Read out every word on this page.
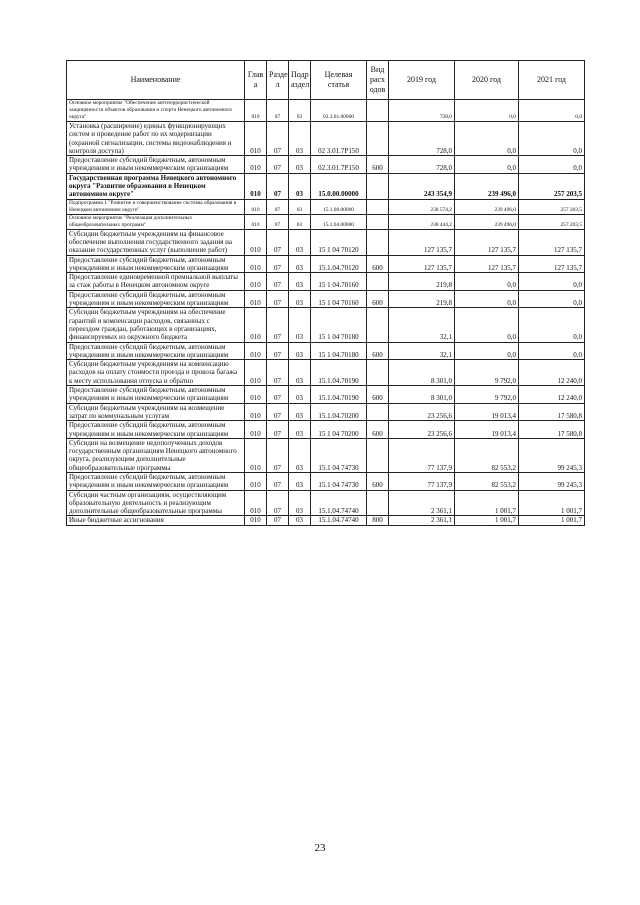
Наименование	Глав а	Разде л	Подр аздел	Целевая статья	Вид расх одов	2019 год	2020 год	2021 год
Основное мероприятие "Обеспечение антитеррористической защищенности объектов образования и спорта Ненецкого автономного округа"	010	07	03	02.3.01.00000		728,0	0,0	0,0
Установка (расширение) единых функционирующих систем и проведение работ по их модернизации (охранной сигнализации, системы видеонаблюдения и контроля доступа)	010	07	03	02 3.01.7Р150		728,0	0,0	0,0
Предоставление субсидий бюджетным, автономным учреждениям и иным некоммерческим организациям	010	07	03	02.3.01.7Р150	600	728,0	0,0	0,0
Государственная программа Ненецкого автономного округа "Развитие образования в Ненецком автономном округе"	010	07	03	15.0.00.00000		243 354,9	239 496,0	257 203,5
Подпрограмма 1 "Развитие и совершенствование системы образования в Ненецком автономном округе"	010	07	03	15.1.00.00000		238 574,2	239 496,0	257 203,5
Основное мероприятие "Реализация дополнительных общеобразовательных программ"	010	07	03	15.1.04.00000		238 444,2	239 496,0	257 203,5
Субсидии бюджетным учреждениям на финансовое обеспечение выполнения государственного задания на оказание государственных услуг (выполнение работ)	010	07	03	15 1 04 70120		127 135,7	127 135,7	127 135,7
Предоставление субсидий бюджетным, автономным учреждениям и иным некоммерческим организациям	010	07	03	15.1.04.70120	600	127 135,7	127 135,7	127 135,7
Предоставление единовременной премиальной выплаты за стаж работы в Ненецком автономном округе	010	07	03	15 1 04.70160		219,8	0,0	0,0
Предоставление субсидий бюджетным, автономным учреждениям и иным некоммерческим организациям	010	07	03	15 1 04 70160	600	219,8	0,0	0,0
Субсидии бюджетным учреждениям на обеспечение гарантий и компенсации расходов, связанных с переездом граждан, работающих в организациях, финансируемых из окружного бюджета	010	07	03	15 1 04 70180		32,1	0,0	0,0
Предоставление субсидий бюджетным, автономным учреждениям и иным некоммерческим организациям	010	07	03	15 1 04.70180	600	32,1	0,0	0,0
Субсидии бюджетным учреждениям на компенсацию расходов на оплату стоимости проезда и провоза багажа к месту использования отпуска и обратно	010	07	03	15.1.04.70190		8 301,0	9 792,0	12 240,0
Предоставление субсидий бюджетным, автономным учреждениям и иным некоммерческим организациям	010	07	03	15.1.04.70190	600	8 301,0	9 792,0	12 240,0
Субсидии бюджетным учреждениям на возмещение затрат по коммунальным услугам	010	07	03	15.1.04.70200		23 256,6	19 013,4	17 580,8
Предоставление субсидий бюджетным, автономным учреждениям и иным некоммерческим организациям	010	07	03	15 1 04 70200	600	23 256,6	19 013,4	17 580,8
Субсидии на возмещение недополученных доходов государственным организациям Ненецкого автономного округа, реализующим дополнительные общеобразовательные программы	010	07	03	15.1 04 74730		77 137,9	82 553,2	99 245,3
Предоставление субсидий бюджетным, автономным учреждениям и иным некоммерческим организациям	010	07	03	15.1 04 74730	600	77 137,9	82 553,2	99 245,3
Субсидии частным организациям, осуществляющим образовательную деятельность и реализующим дополнительные общеобразовательные программы	010	07	03	15.1.04.74740		2 361,1	1 001,7	1 001,7
Иные бюджетные ассигнования	010	07	03	15.1.04.74740	800	2 361,1	1 001,7	1 001,7
23
